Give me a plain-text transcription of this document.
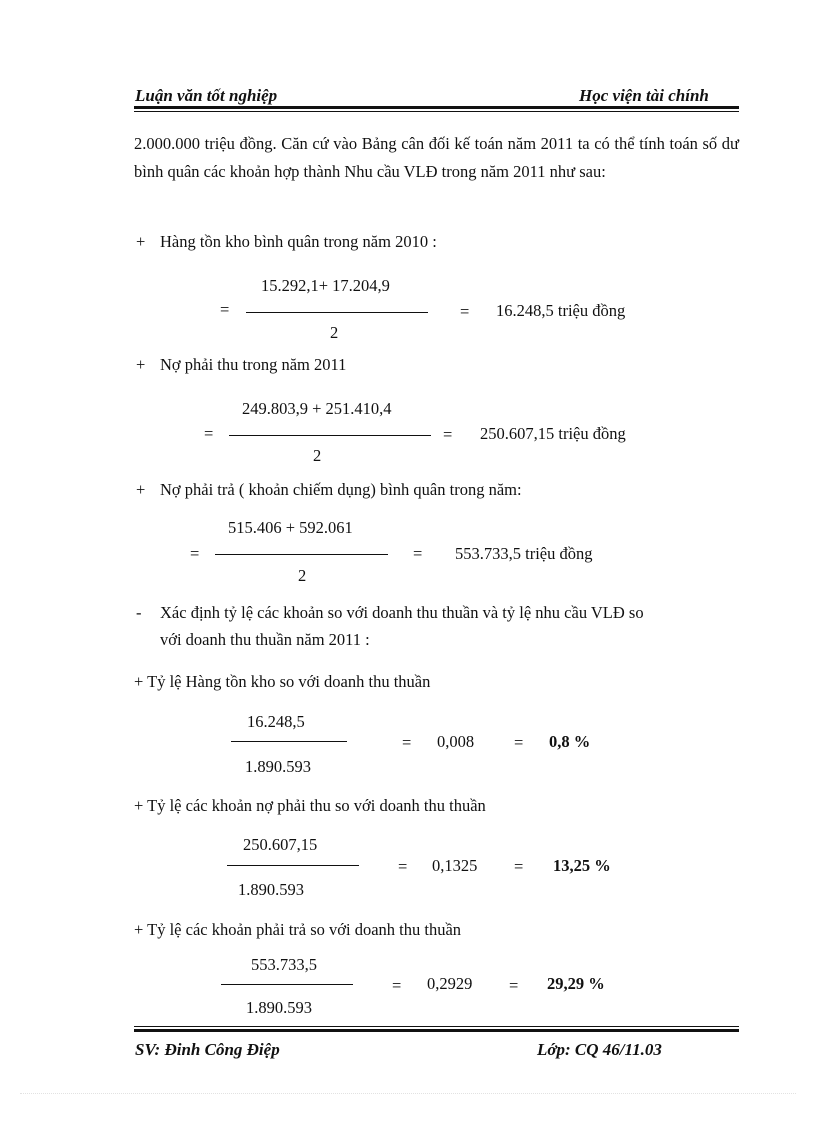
Luận văn tốt nghiệp	Học viện tài chính
2.000.000 triệu đồng. Căn cứ vào Bảng cân đối kế toán năm 2011 ta có thể tính toán số dư bình quân các khoản hợp thành Nhu cầu VLĐ trong năm 2011 như sau:
+ Hàng tồn kho bình quân trong năm 2010 :
15.292,1+ 17.204,9
=	= 16.248,5 triệu đồng
2
+ Nợ phải thu trong năm 2011
249.803,9 + 251.410,4
=	= 250.607,15 triệu đồng
2
+ Nợ phải trả ( khoản chiếm dụng) bình quân trong năm:
515.406 + 592.061
=	= 553.733,5 triệu đồng
2
- Xác định tỷ lệ các khoản so với doanh thu thuần và tỷ lệ nhu cầu VLĐ so
với doanh thu thuần năm 2011 :
+ Tỷ lệ Hàng tồn kho so với doanh thu thuần
16.248,5
= 0,008 = 0,8 %
1.890.593
+ Tỷ lệ các khoản nợ phải thu so với doanh thu thuần
250.607,15
= 0,1325 = 13,25 %
1.890.593
+ Tỷ lệ các khoản phải trả so với doanh thu thuần
553.733,5
= 0,2929 = 29,29 %
1.890.593
SV: Đinh Công Điệp	Lớp: CQ 46/11.03
